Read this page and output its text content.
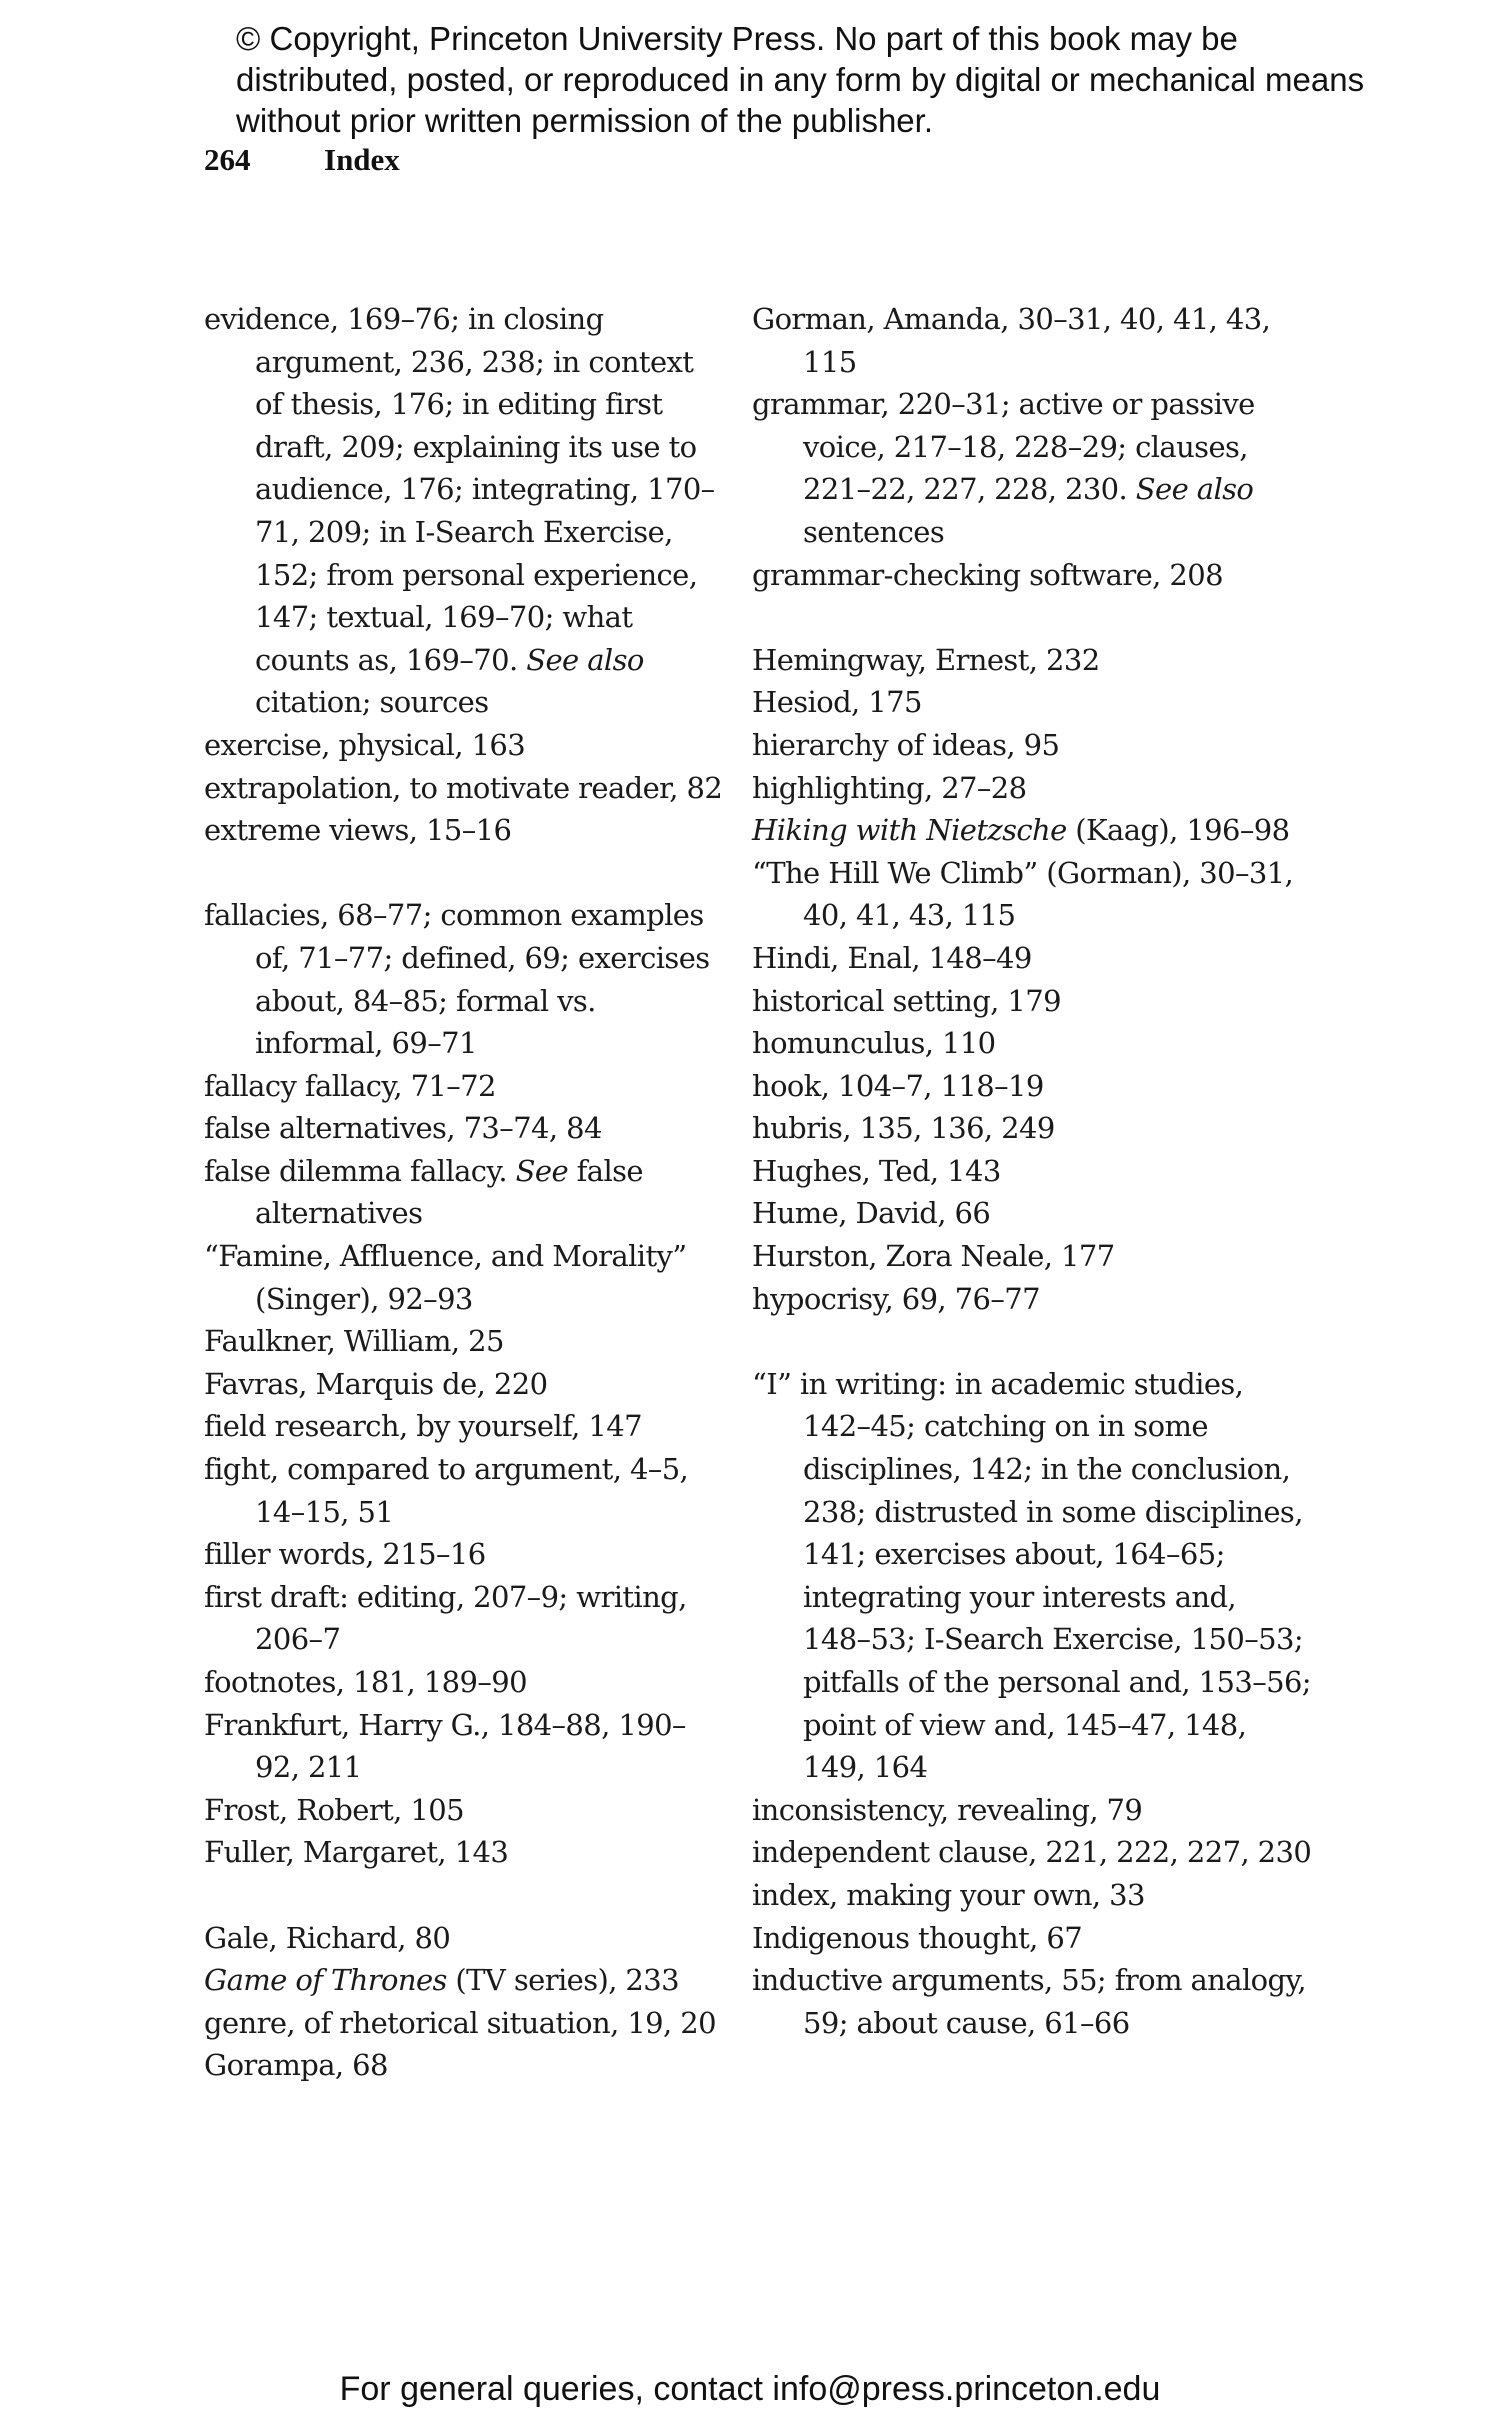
© Copyright, Princeton University Press. No part of this book may be distributed, posted, or reproduced in any form by digital or mechanical means without prior written permission of the publisher.
264 Index
evidence, 169–76; in closing argument, 236, 238; in context of thesis, 176; in editing first draft, 209; explaining its use to audience, 176; integrating, 170–71, 209; in I-Search Exercise, 152; from personal experience, 147; textual, 169–70; what counts as, 169–70. See also citation; sources
exercise, physical, 163
extrapolation, to motivate reader, 82
extreme views, 15–16
fallacies, 68–77; common examples of, 71–77; defined, 69; exercises about, 84–85; formal vs. informal, 69–71
fallacy fallacy, 71–72
false alternatives, 73–74, 84
false dilemma fallacy. See false alternatives
“Famine, Affluence, and Morality” (Singer), 92–93
Faulkner, William, 25
Favras, Marquis de, 220
field research, by yourself, 147
fight, compared to argument, 4–5, 14–15, 51
filler words, 215–16
first draft: editing, 207–9; writing, 206–7
footnotes, 181, 189–90
Frankfurt, Harry G., 184–88, 190–92, 211
Frost, Robert, 105
Fuller, Margaret, 143
Gale, Richard, 80
Game of Thrones (TV series), 233
genre, of rhetorical situation, 19, 20
Gorampa, 68
Gorman, Amanda, 30–31, 40, 41, 43, 115
grammar, 220–31; active or passive voice, 217–18, 228–29; clauses, 221–22, 227, 228, 230. See also sentences
grammar-checking software, 208
Hemingway, Ernest, 232
Hesiod, 175
hierarchy of ideas, 95
highlighting, 27–28
Hiking with Nietzsche (Kaag), 196–98
“The Hill We Climb” (Gorman), 30–31, 40, 41, 43, 115
Hindi, Enal, 148–49
historical setting, 179
homunculus, 110
hook, 104–7, 118–19
hubris, 135, 136, 249
Hughes, Ted, 143
Hume, David, 66
Hurston, Zora Neale, 177
hypocrisy, 69, 76–77
“I” in writing: in academic studies, 142–45; catching on in some disciplines, 142; in the conclusion, 238; distrusted in some disciplines, 141; exercises about, 164–65; integrating your interests and, 148–53; I-Search Exercise, 150–53; pitfalls of the personal and, 153–56; point of view and, 145–47, 148, 149, 164
inconsistency, revealing, 79
independent clause, 221, 222, 227, 230
index, making your own, 33
Indigenous thought, 67
inductive arguments, 55; from analogy, 59; about cause, 61–66
For general queries, contact info@press.princeton.edu
